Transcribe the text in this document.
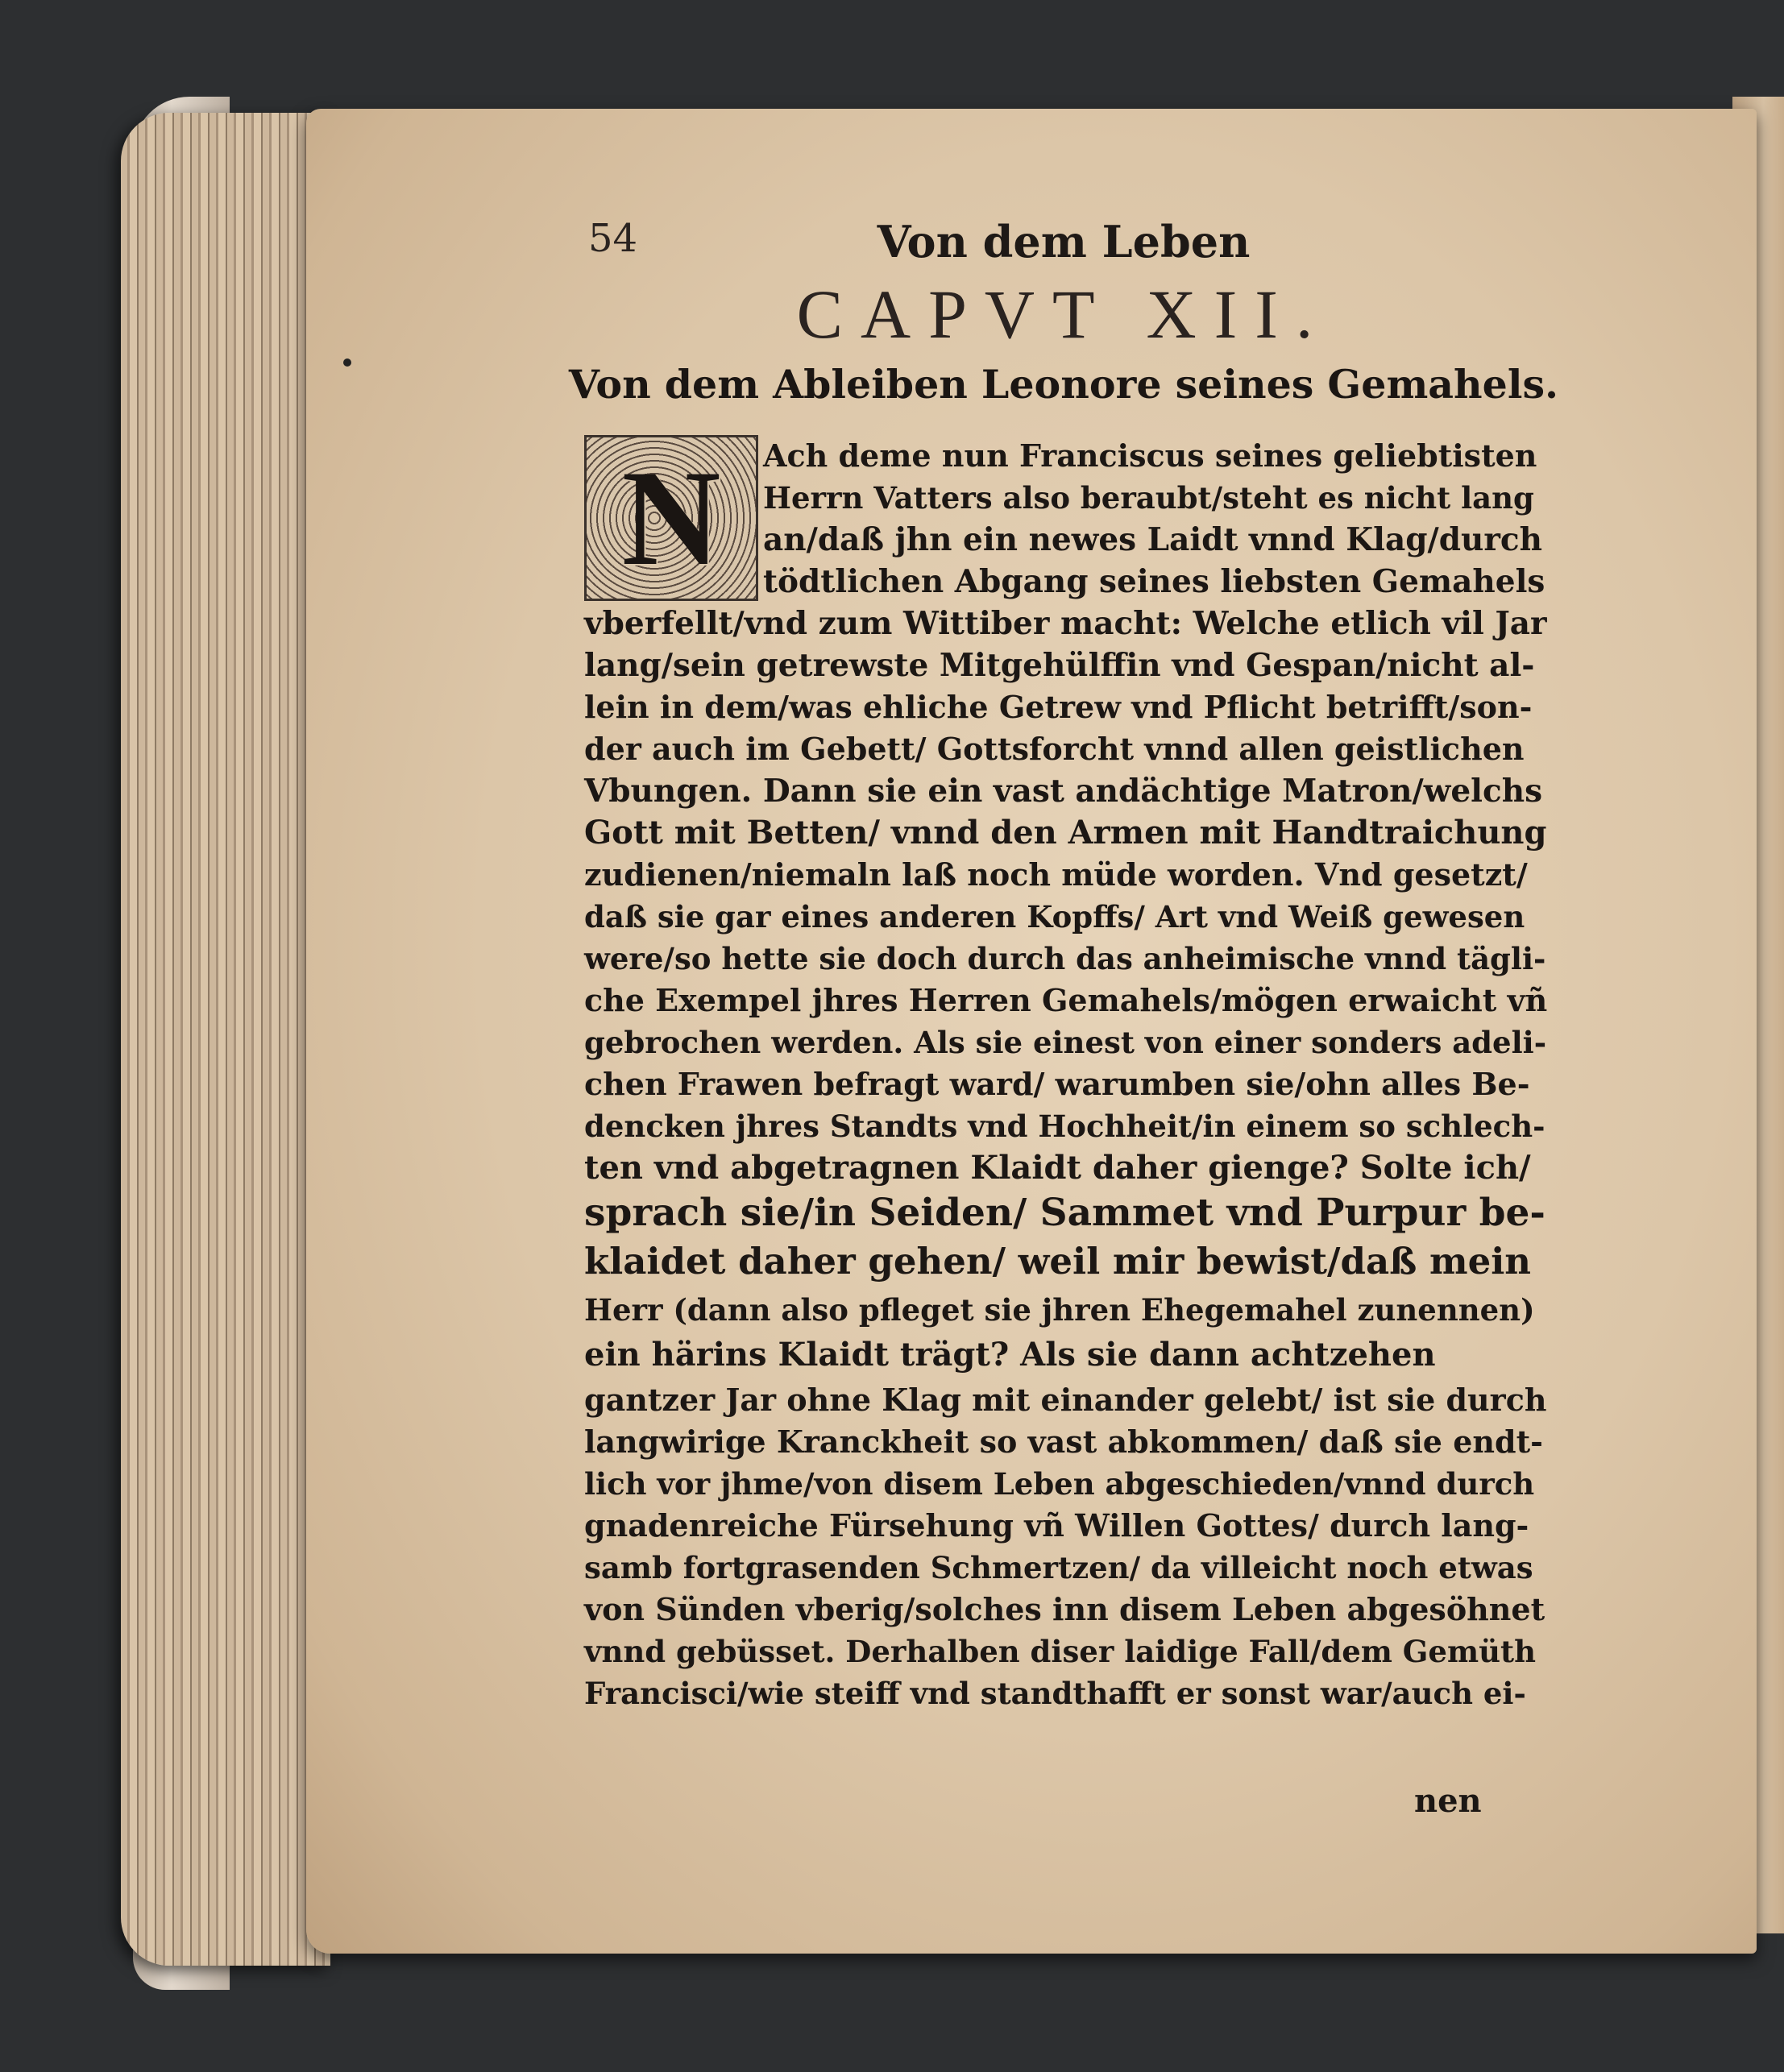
54	Von dem Leben
CAPVT XII.
Von dem Ableiben Leonore seines Gemahels.
N Ach deme nun Franciscus seines geliebtisten
Herrn Vatters also beraubt/steht es nicht lang
an/daß jhn ein newes Laidt vnnd Klag/durch
tödtlichen Abgang seines liebsten Gemahels
vberfellt/vnd zum Wittiber macht: Welche etlich vil Jar
lang/sein getrewste Mitgehülffin vnd Gespan/nicht al-
lein in dem/was ehliche Getrew vnd Pflicht betrifft/son-
der auch im Gebett/ Gottsforcht vnnd allen geistlichen
Vbungen. Dann sie ein vast andächtige Matron/welchs
Gott mit Betten/ vnnd den Armen mit Handtraichung
zudienen/niemaln laß noch müde worden. Vnd gesetzt/
daß sie gar eines anderen Kopffs/ Art vnd Weiß gewesen
were/so hette sie doch durch das anheimische vnnd tägli-
che Exempel jhres Herren Gemahels/mögen erwaicht vñ
gebrochen werden. Als sie einest von einer sonders adeli-
chen Frawen befragt ward/ warumben sie/ohn alles Be-
dencken jhres Standts vnd Hochheit/in einem so schlech-
ten vnd abgetragnen Klaidt daher gienge? Solte ich/
sprach sie/in Seiden/ Sammet vnd Purpur be-
klaidet daher gehen/ weil mir bewist/daß mein
Herr (dann also pfleget sie jhren Ehegemahel zunennen)
ein härins Klaidt trägt? Als sie dann achtzehen
gantzer Jar ohne Klag mit einander gelebt/ ist sie durch
langwirige Kranckheit so vast abkommen/ daß sie endt-
lich vor jhme/von disem Leben abgeschieden/vnnd durch
gnadenreiche Fürsehung vñ Willen Gottes/ durch lang-
samb fortgrasenden Schmertzen/ da villeicht noch etwas
von Sünden vberig/solches inn disem Leben abgesöhnet
vnnd gebüsset. Derhalben diser laidige Fall/dem Gemüth
Francisci/wie steiff vnd standthafft er sonst war/auch ei-
nen
